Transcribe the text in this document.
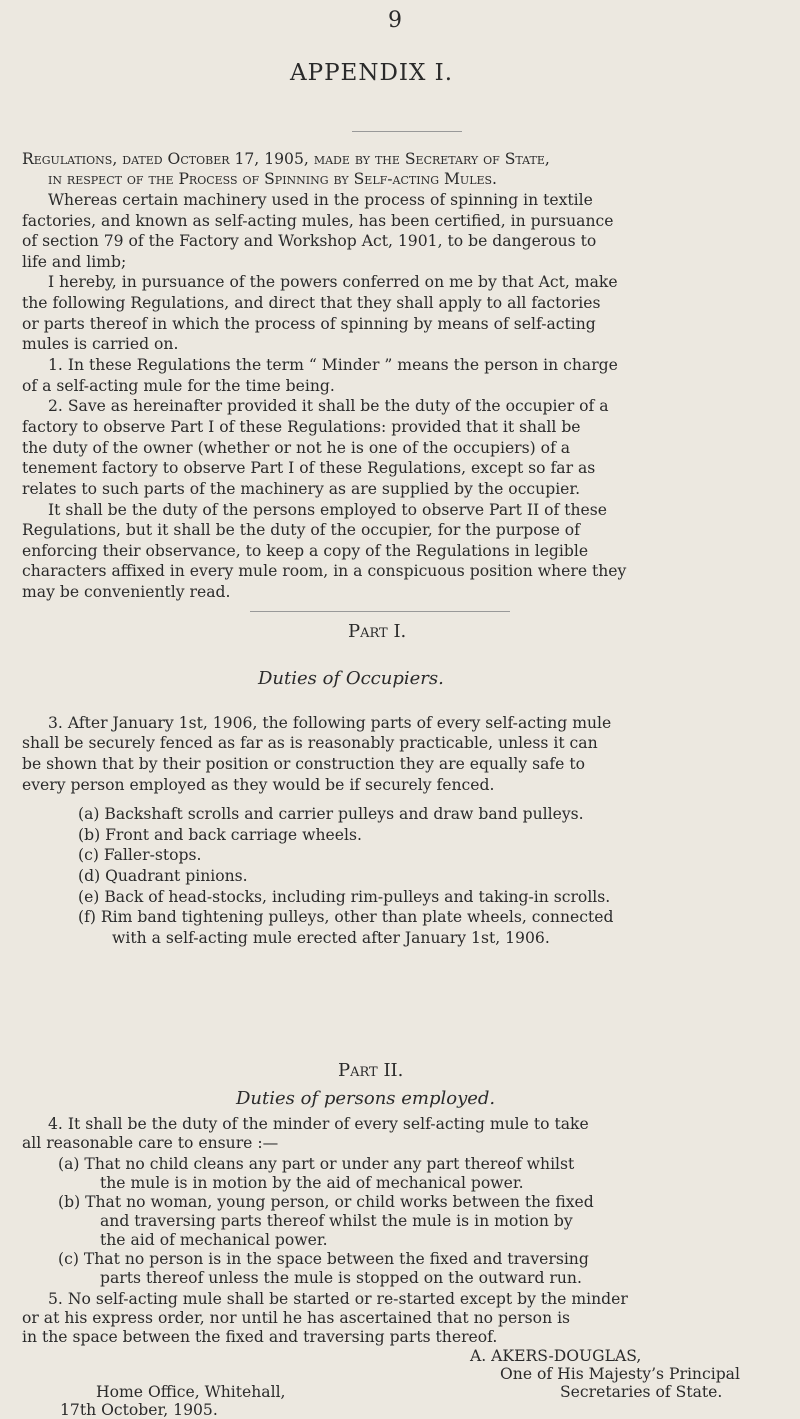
9
APPENDIX I.
Regulations, dated October 17, 1905, made by the Secretary of State,
in respect of the Process of Spinning by Self-acting Mules.
Whereas certain machinery used in the process of spinning in textile
factories, and known as self-acting mules, has been certified, in pursuance
of section 79 of the Factory and Workshop Act, 1901, to be dangerous to
life and limb;
I hereby, in pursuance of the powers conferred on me by that Act, make
the following Regulations, and direct that they shall apply to all factories
or parts thereof in which the process of spinning by means of self-acting
mules is carried on.
1. In these Regulations the term “ Minder ” means the person in charge
of a self-acting mule for the time being.
2. Save as hereinafter provided it shall be the duty of the occupier of a
factory to observe Part I of these Regulations: provided that it shall be
the duty of the owner (whether or not he is one of the occupiers) of a
tenement factory to observe Part I of these Regulations, except so far as
relates to such parts of the machinery as are supplied by the occupier.
It shall be the duty of the persons employed to observe Part II of these
Regulations, but it shall be the duty of the occupier, for the purpose of
enforcing their observance, to keep a copy of the Regulations in legible
characters affixed in every mule room, in a conspicuous position where they
may be conveniently read.
Part I.
Duties of Occupiers.
3. After January 1st, 1906, the following parts of every self-acting mule
shall be securely fenced as far as is reasonably practicable, unless it can
be shown that by their position or construction they are equally safe to
every person employed as they would be if securely fenced.
(a) Backshaft scrolls and carrier pulleys and draw band pulleys.
(b) Front and back carriage wheels.
(c) Faller-stops.
(d) Quadrant pinions.
(e) Back of head-stocks, including rim-pulleys and taking-in scrolls.
(f) Rim band tightening pulleys, other than plate wheels, connected
with a self-acting mule erected after January 1st, 1906.
Part II.
Duties of persons employed.
4. It shall be the duty of the minder of every self-acting mule to take
all reasonable care to ensure :—
(a) That no child cleans any part or under any part thereof whilst
the mule is in motion by the aid of mechanical power.
(b) That no woman, young person, or child works between the fixed
and traversing parts thereof whilst the mule is in motion by
the aid of mechanical power.
(c) That no person is in the space between the fixed and traversing
parts thereof unless the mule is stopped on the outward run.
5. No self-acting mule shall be started or re-started except by the minder
or at his express order, nor until he has ascertained that no person is
in the space between the fixed and traversing parts thereof.
A. AKERS-DOUGLAS,
One of His Majesty’s Principal
Secretaries of State.
Home Office, Whitehall,
17th October, 1905.
